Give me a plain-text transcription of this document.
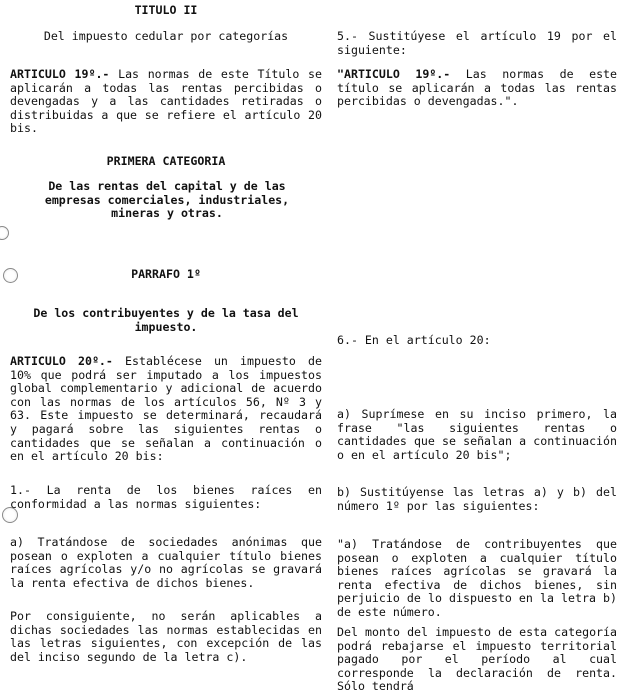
TITULO II
Del impuesto cedular por categorías
ARTICULO 19º.- Las normas de este Título se aplicarán a todas las rentas percibidas o devengadas y a las cantidades retiradas o distribuidas a que se refiere el artículo 20 bis.
PRIMERA CATEGORIA
De las rentas del capital y de las empresas comerciales, industriales, mineras y otras.
PARRAFO 1º
De los contribuyentes y de la tasa del impuesto.
ARTICULO 20º.- Establécese un impuesto de 10% que podrá ser imputado a los impuestos global complementario y adicional de acuerdo con las normas de los artículos 56, Nº 3 y 63. Este impuesto se determinará, recaudará y pagará sobre las siguientes rentas o cantidades que se señalan a continuación o en el artículo 20 bis:
1.- La renta de los bienes raíces en conformidad a las normas siguientes:
a) Tratándose de sociedades anónimas que posean o exploten a cualquier título bienes raíces agrícolas y/o no agrícolas se gravará la renta efectiva de dichos bienes.
Por consiguiente, no serán aplicables a dichas sociedades las normas establecidas en las letras siguientes, con excepción de las del inciso segundo de la letra c).
5.- Sustitúyese el artículo 19 por el siguiente:
"ARTICULO 19º.- Las normas de este título se aplicarán a todas las rentas percibidas o devengadas.".
6.- En el artículo 20:
a) Suprímese en su inciso primero, la frase "las siguientes rentas o cantidades que se señalan a continuación o en el artículo 20 bis";
b) Sustitúyense las letras a) y b) del número 1º por las siguientes:
"a) Tratándose de contribuyentes que posean o exploten a cualquier título bienes raíces agrícolas se gravará la renta efectiva de dichos bienes, sin perjuicio de lo dispuesto en la letra b) de este número.
Del monto del impuesto de esta categoría podrá rebajarse el impuesto territorial pagado por el período al cual corresponde la declaración de renta. Sólo tendrá
